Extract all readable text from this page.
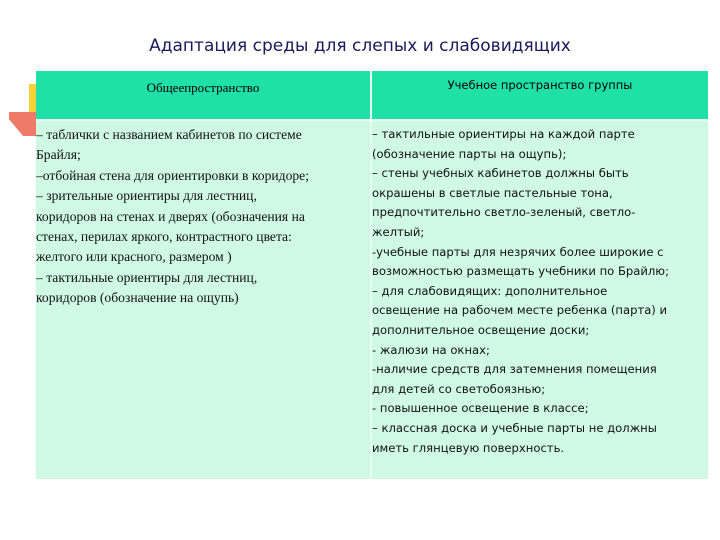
Адаптация среды для слепых и слабовидящих
Общеепространство	Учебное пространство группы
– таблички с названием кабинетов по системе
Брайля;
–отбойная стена для ориентировки в коридоре;
– зрительные ориентиры для лестниц,
коридоров на стенах и дверях (обозначения на
стенах, перилах яркого, контрастного цвета:
желтого или красного, размером )
– тактильные ориентиры для лестниц,
коридоров (обозначение на ощупь)
– тактильные ориентиры на каждой парте
(обозначение парты на ощупь);
– стены учебных кабинетов должны быть
окрашены в светлые пастельные тона,
предпочтительно светло-зеленый, светло-
желтый;
-учебные парты для незрячих более широкие с
возможностью размещать учебники по Брайлю;
– для слабовидящих: дополнительное
освещение на рабочем месте ребенка (парта) и
дополнительное освещение доски;
- жалюзи на окнах;
-наличие средств для затемнения помещения
для детей со светобоязнью;
- повышенное освещение в классе;
– классная доска и учебные парты не должны
иметь глянцевую поверхность.
